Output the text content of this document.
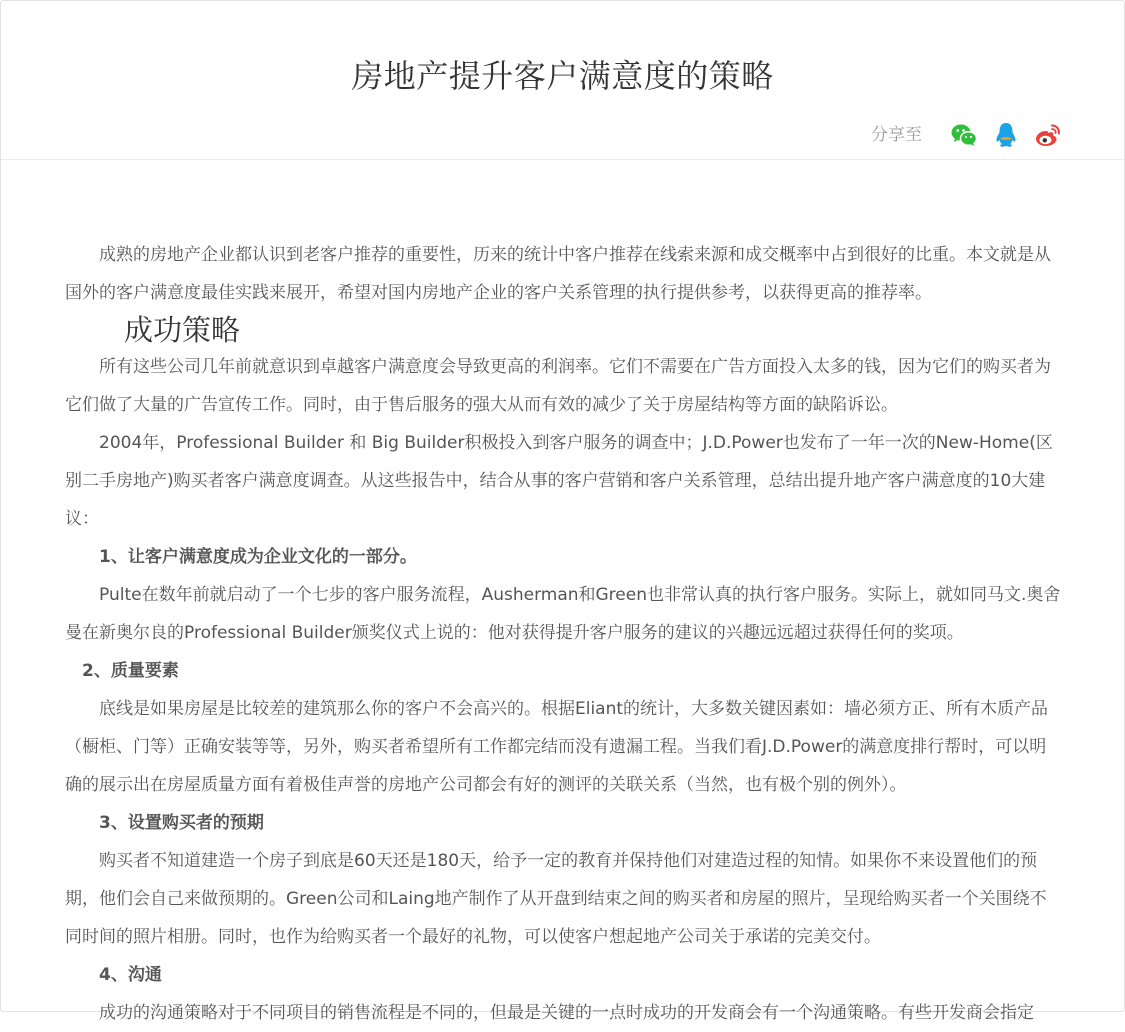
房地产提升客户满意度的策略
分享至

成熟的房地产企业都认识到老客户推荐的重要性，历来的统计中客户推荐在线索来源和成交概率中占到很好的比重。本文就是从国外的客户满意度最佳实践来展开，希望对国内房地产企业的客户关系管理的执行提供参考，以获得更高的推荐率。

成功策略

所有这些公司几年前就意识到卓越客户满意度会导致更高的利润率。它们不需要在广告方面投入太多的钱，因为它们的购买者为它们做了大量的广告宣传工作。同时，由于售后服务的强大从而有效的减少了关于房屋结构等方面的缺陷诉讼。

2004年，Professional Builder 和 Big Builder积极投入到客户服务的调查中；J.D.Power也发布了一年一次的New-Home(区别二手房地产)购买者客户满意度调查。从这些报告中，结合从事的客户营销和客户关系管理，总结出提升地产客户满意度的10大建议：

1、让客户满意度成为企业文化的一部分。

Pulte在数年前就启动了一个七步的客户服务流程，Ausherman和Green也非常认真的执行客户服务。实际上，就如同马文.奥舍曼在新奥尔良的Professional Builder颁奖仪式上说的：他对获得提升客户服务的建议的兴趣远远超过获得任何的奖项。

2、质量要素

底线是如果房屋是比较差的建筑那么你的客户不会高兴的。根据Eliant的统计，大多数关键因素如：墙必须方正、所有木质产品（橱柜、门等）正确安装等等，另外，购买者希望所有工作都完结而没有遗漏工程。当我们看J.D.Power的满意度排行帮时，可以明确的展示出在房屋质量方面有着极佳声誉的房地产公司都会有好的测评的关联关系（当然，也有极个别的例外）。

3、设置购买者的预期

购买者不知道建造一个房子到底是60天还是180天，给予一定的教育并保持他们对建造过程的知情。如果你不来设置他们的预期，他们会自己来做预期的。Green公司和Laing地产制作了从开盘到结束之间的购买者和房屋的照片，呈现给购买者一个关围绕不同时间的照片相册。同时，也作为给购买者一个最好的礼物，可以使客户想起地产公司关于承诺的完美交付。

4、沟通

成功的沟通策略对于不同项目的销售流程是不同的，但最是关键的一点时成功的开发商会有一个沟通策略。有些开发商会指定
